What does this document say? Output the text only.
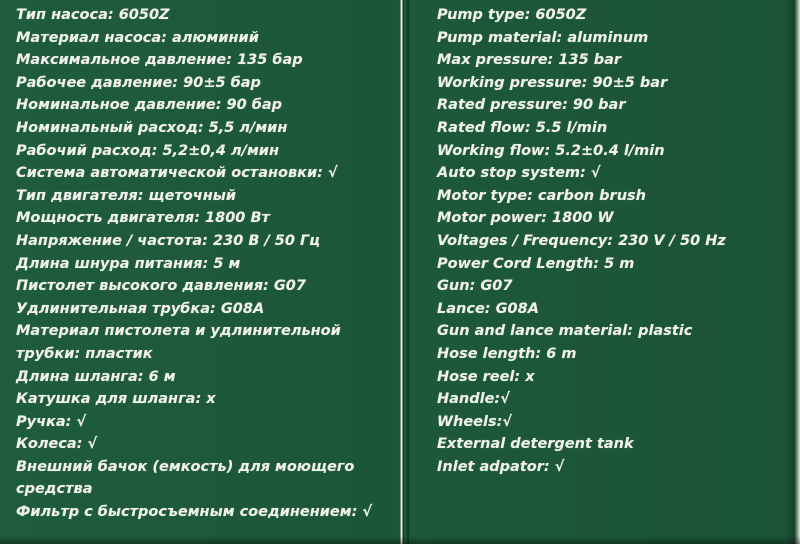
Тип насоса: 6050Z
Материал насоса: алюминий
Максимальное давление: 135 бар
Рабочее давление: 90±5 бар
Номинальное давление: 90 бар
Номинальный расход: 5,5 л/мин
Рабочий расход: 5,2±0,4 л/мин
Система автоматической остановки: √
Тип двигателя: щеточный
Мощность двигателя: 1800 Вт
Напряжение / частота: 230 В / 50 Гц
Длина шнура питания: 5 м
Пистолет высокого давления: G07
Удлинительная трубка: G08A
Материал пистолета и удлинительной трубки: пластик
Длина шланга: 6 м
Катушка для шланга: x
Ручка: √
Колеса: √
Внешний бачок (емкость) для моющего средства
Фильтр с быстросъемным соединением: √
Pump type: 6050Z
Pump material: aluminum
Max pressure: 135 bar
Working pressure: 90±5 bar
Rated pressure: 90 bar
Rated flow: 5.5 l/min
Working flow: 5.2±0.4 l/min
Auto stop system: √
Motor type: carbon brush
Motor power: 1800 W
Voltages / Frequency: 230 V / 50 Hz
Power Cord Length: 5 m
Gun: G07
Lance: G08A
Gun and lance material: plastic
Hose length: 6 m
Hose reel: x
Handle:√
Wheels:√
External detergent tank
Inlet adpator: √
